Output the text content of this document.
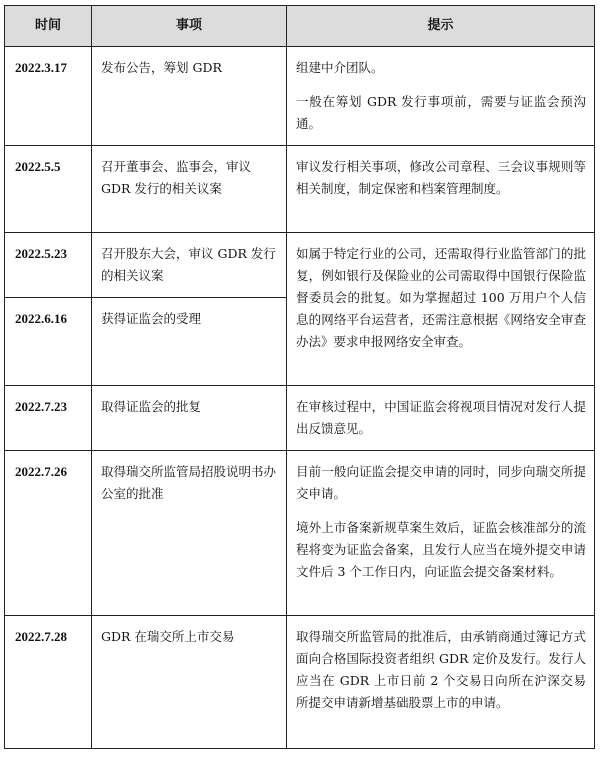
时间	事项	提示
2022.3.17	发布公告，筹划 GDR	组建中介团队。

一般在筹划 GDR 发行事项前，需要与证监会预沟通。

2022.5.5	召开董事会、监事会，审议 GDR 发行的相关议案	审议发行相关事项，修改公司章程、三会议事规则等相关制度，制定保密和档案管理制度。

2022.5.23	召开股东大会，审议 GDR 发行的相关议案	如属于特定行业的公司，还需取得行业监管部门的批复，例如银行及保险业的公司需取得中国银行保险监督委员会的批复。如为掌握超过 100 万用户个人信息的网络平台运营者，还需注意根据《网络安全审查办法》要求申报网络安全审查。

2022.6.16	获得证监会的受理	
2022.7.23	取得证监会的批复	在审核过程中，中国证监会将视项目情况对发行人提出反馈意见。

2022.7.26	取得瑞交所监管局招股说明书办公室的批准	目前一般向证监会提交申请的同时，同步向瑞交所提交申请。

境外上市备案新规草案生效后，证监会核准部分的流程将变为证监会备案，且发行人应当在境外提交申请文件后 3 个工作日内，向证监会提交备案材料。

2022.7.28	GDR 在瑞交所上市交易	取得瑞交所监管局的批准后，由承销商通过簿记方式面向合格国际投资者组织 GDR 定价及发行。发行人应当在 GDR 上市日前 2 个交易日向所在沪深交易所提交申请新增基础股票上市的申请。
